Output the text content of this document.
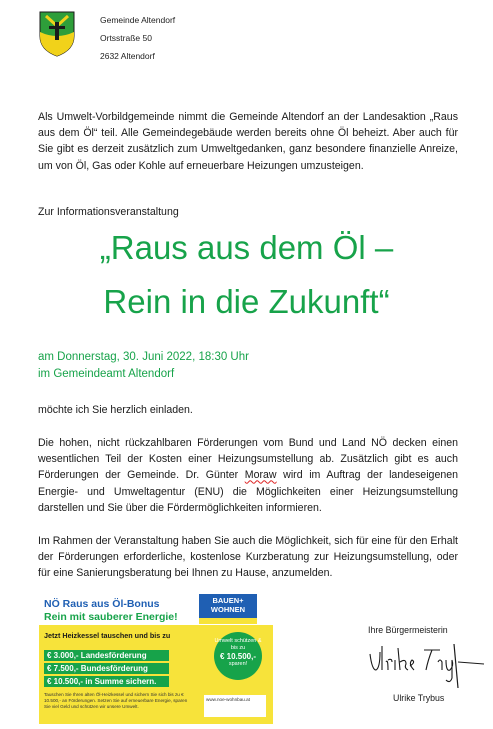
Gemeinde Altendorf
Ortsstraße 50
2632 Altendorf
Als Umwelt-Vorbildgemeinde nimmt die Gemeinde Altendorf an der Landesaktion „Raus aus dem Öl“ teil. Alle Gemeindegebäude werden bereits ohne Öl beheizt. Aber auch für Sie gibt es derzeit zusätzlich zum Umweltgedanken, ganz besondere finanzielle Anreize, um von Öl, Gas oder Kohle auf erneuerbare Heizungen umzusteigen.
Zur Informationsveranstaltung
„Raus aus dem Öl –
Rein in die Zukunft“
am Donnerstag, 30. Juni 2022, 18:30 Uhr
im Gemeindeamt Altendorf
möchte ich Sie herzlich einladen.
Die hohen, nicht rückzahlbaren Förderungen vom Bund und Land NÖ decken einen wesentlichen Teil der Kosten einer Heizungsumstellung ab. Zusätzlich gibt es auch Förderungen der Gemeinde. Dr. Günter Moraw wird im Auftrag der landeseigenen Energie- und Umweltagentur (ENU) die Möglichkeiten einer Heizungsumstellung darstellen und Sie über die Fördermöglichkeiten informieren.
Im Rahmen der Veranstaltung haben Sie auch die Möglichkeit, sich für eine für den Erhalt der Förderungen erforderliche, kostenlose Kurzberatung zur Heizungsumstellung, oder für eine Sanierungsberatung bei Ihnen zu Hause, anzumelden.
NÖ Raus aus Öl-Bonus
Rein mit sauberer Energie!
BAUEN+
WOHNEN
Jetzt Heizkessel tauschen und bis zu
€ 3.000,- Landesförderung
€ 7.500,- Bundesförderung
€ 10.500,- in Summe sichern.
Tauschen Sie Ihren alten Öl-Heizkessel und sichern Sie sich bis zu € 10.500,- an Förderungen. Setzen Sie auf erneuerbare Energie, sparen Sie viel Geld und schützen wir unsere Umwelt.
Umwelt schützen &
bis zu
€ 10.500,-
sparen!
www.noe-wohnbau.at
Ihre Bürgermeisterin
Ulrike Trybus
